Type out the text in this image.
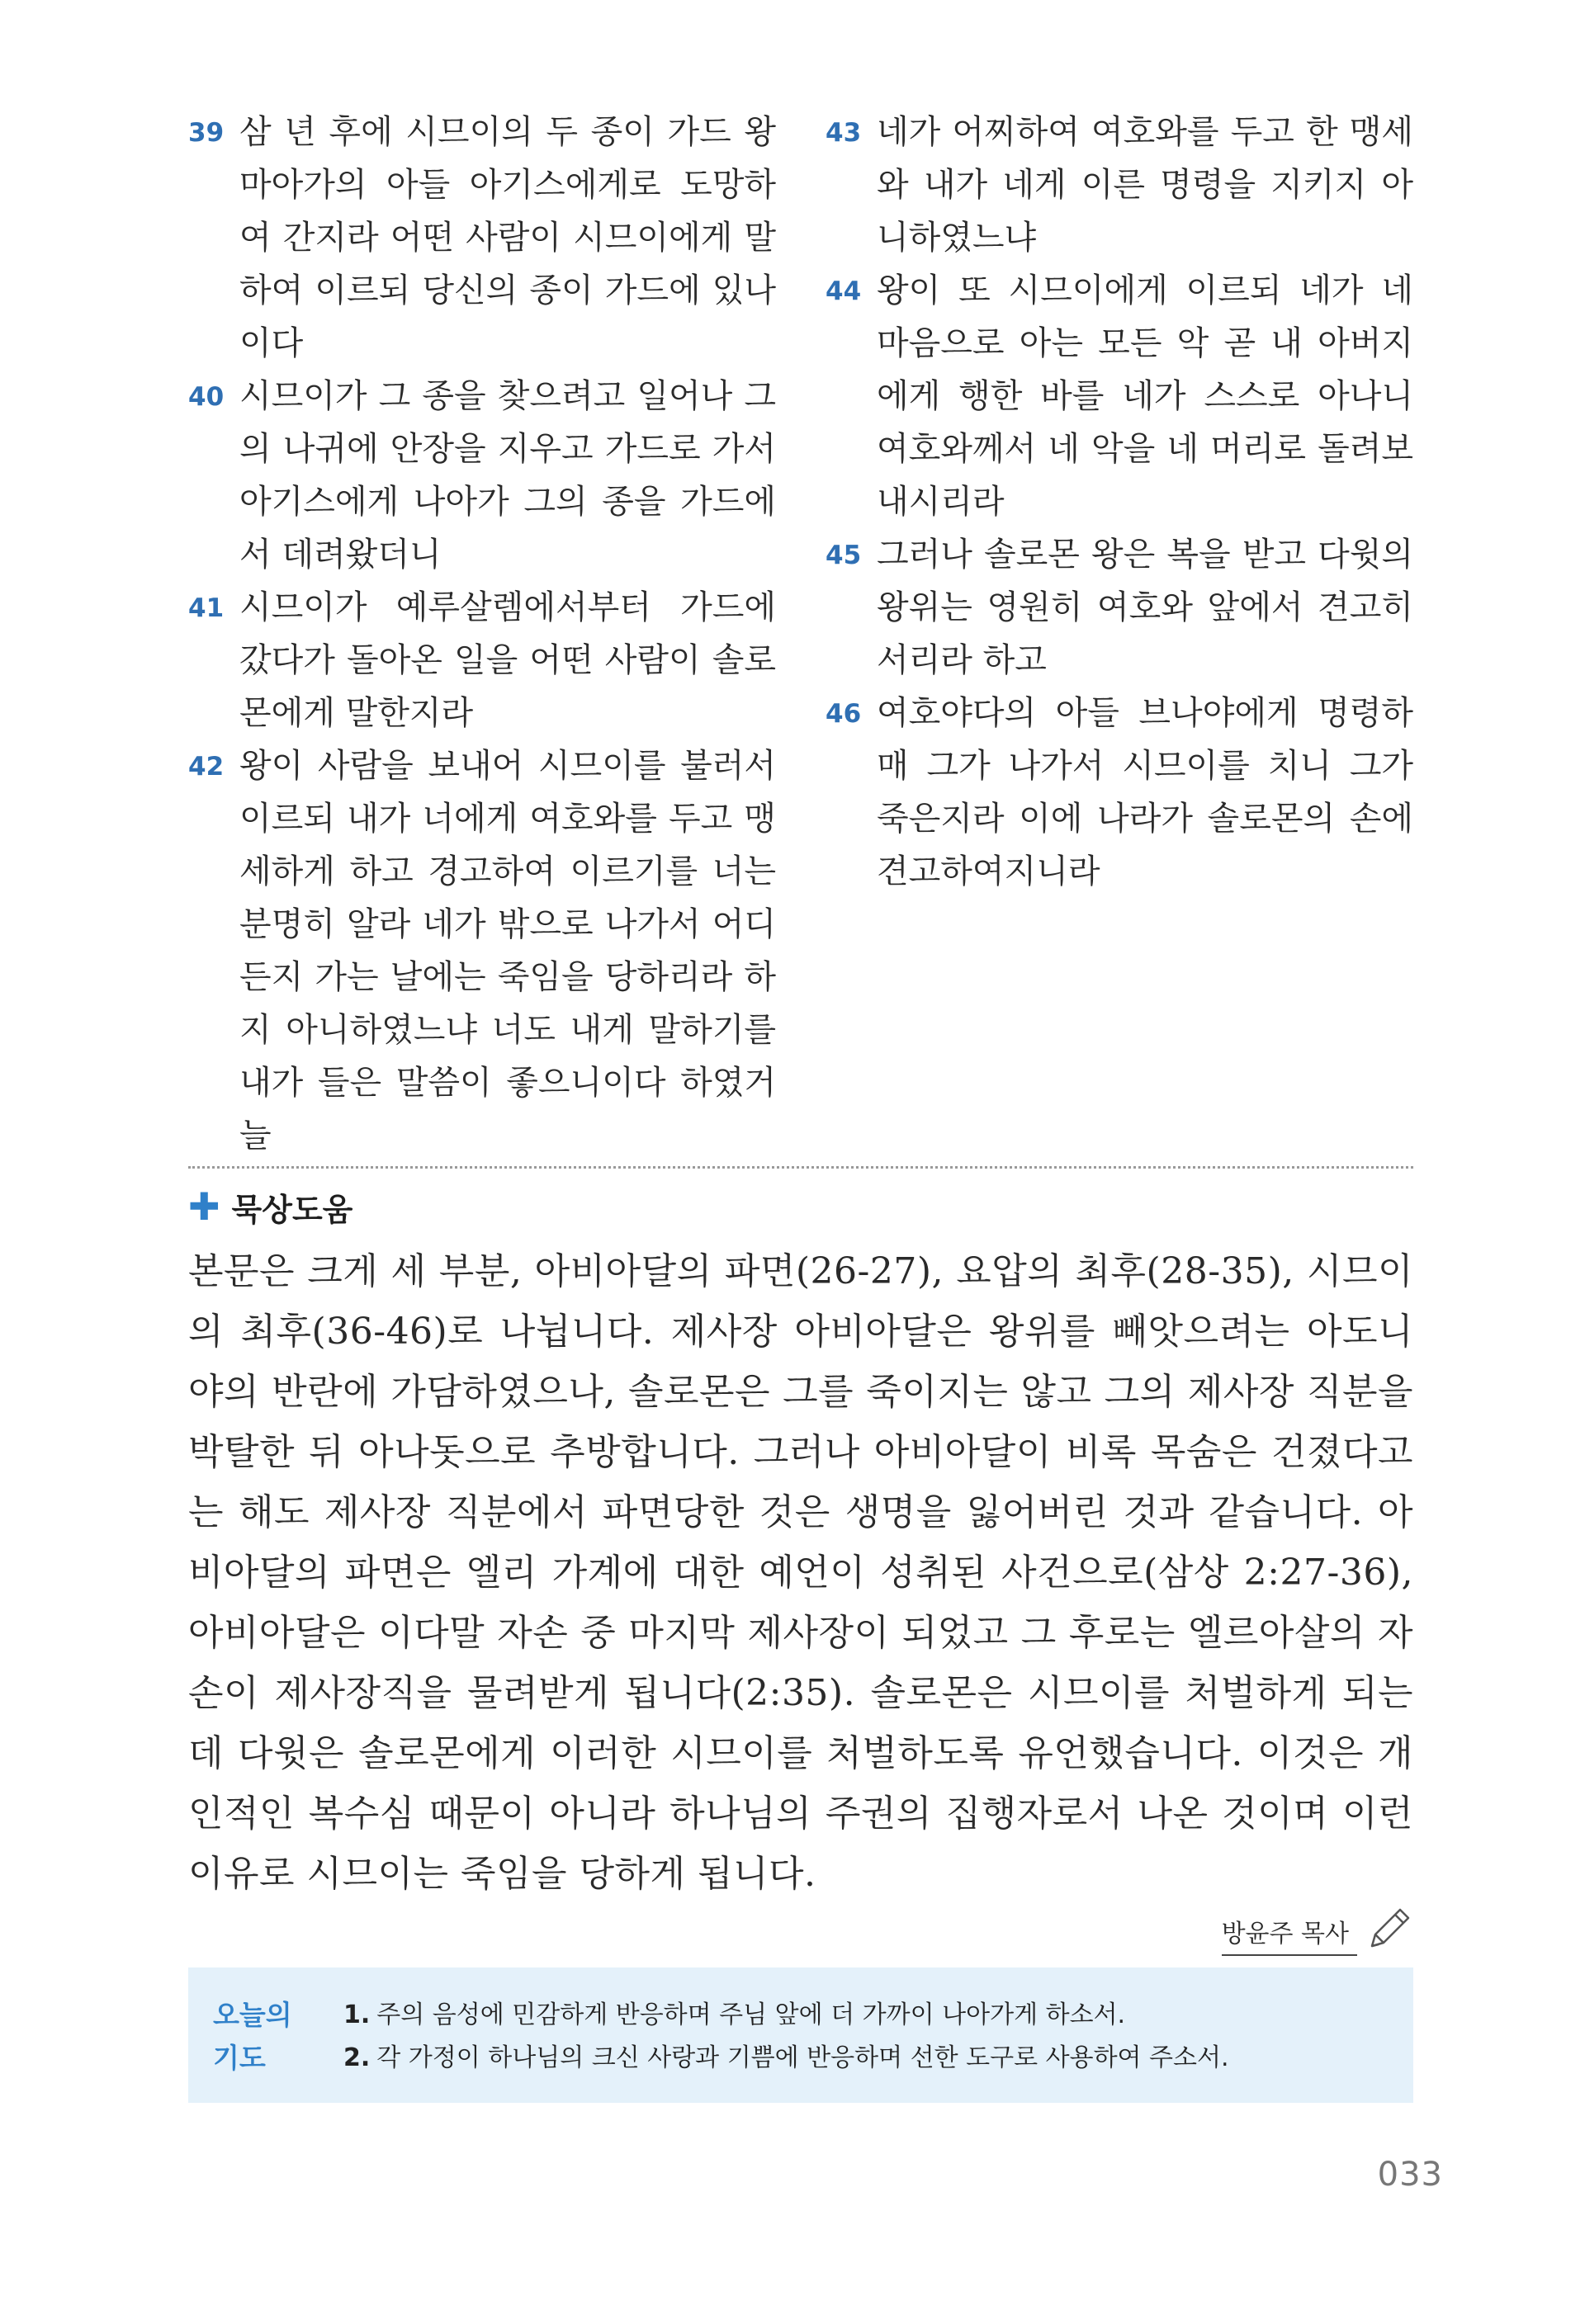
39 삼 년 후에 시므이의 두 종이 가드 왕 마아가의 아들 아기스에게로 도망하여 간지라 어떤 사람이 시므이에게 말하여 이르되 당신의 종이 가드에 있나이다

40 시므이가 그 종을 찾으려고 일어나 그의 나귀에 안장을 지우고 가드로 가서 아기스에게 나아가 그의 종을 가드에서 데려왔더니

41 시므이가 예루살렘에서부터 가드에 갔다가 돌아온 일을 어떤 사람이 솔로몬에게 말한지라

42 왕이 사람을 보내어 시므이를 불러서 이르되 내가 너에게 여호와를 두고 맹세하게 하고 경고하여 이르기를 너는 분명히 알라 네가 밖으로 나가서 어디든지 가는 날에는 죽임을 당하리라 하지 아니하였느냐 너도 내게 말하기를 내가 들은 말씀이 좋으니이다 하였거늘

43 네가 어찌하여 여호와를 두고 한 맹세와 내가 네게 이른 명령을 지키지 아니하였느냐

44 왕이 또 시므이에게 이르되 네가 네 마음으로 아는 모든 악 곧 내 아버지에게 행한 바를 네가 스스로 아나니 여호와께서 네 악을 네 머리로 돌려보내시리라

45 그러나 솔로몬 왕은 복을 받고 다윗의 왕위는 영원히 여호와 앞에서 견고히 서리라 하고

46 여호야다의 아들 브나야에게 명령하매 그가 나가서 시므이를 치니 그가 죽은지라 이에 나라가 솔로몬의 손에 견고하여지니라

✚ 묵상도움

본문은 크게 세 부분, 아비아달의 파면(26-27), 요압의 최후(28-35), 시므이의 최후(36-46)로 나뉩니다. 제사장 아비아달은 왕위를 빼앗으려는 아도니야의 반란에 가담하였으나, 솔로몬은 그를 죽이지는 않고 그의 제사장 직분을 박탈한 뒤 아나돗으로 추방합니다. 그러나 아비아달이 비록 목숨은 건졌다고는 해도 제사장 직분에서 파면당한 것은 생명을 잃어버린 것과 같습니다. 아비아달의 파면은 엘리 가계에 대한 예언이 성취된 사건으로(삼상 2:27-36), 아비아달은 이다말 자손 중 마지막 제사장이 되었고 그 후로는 엘르아살의 자손이 제사장직을 물려받게 됩니다(2:35). 솔로몬은 시므이를 처벌하게 되는데 다윗은 솔로몬에게 이러한 시므이를 처벌하도록 유언했습니다. 이것은 개인적인 복수심 때문이 아니라 하나님의 주권의 집행자로서 나온 것이며 이런 이유로 시므이는 죽임을 당하게 됩니다.

방윤주 목사
오늘의
기도

1. 주의 음성에 민감하게 반응하며 주님 앞에 더 가까이 나아가게 하소서.

2. 각 가정이 하나님의 크신 사랑과 기쁨에 반응하며 선한 도구로 사용하여 주소서.

033
